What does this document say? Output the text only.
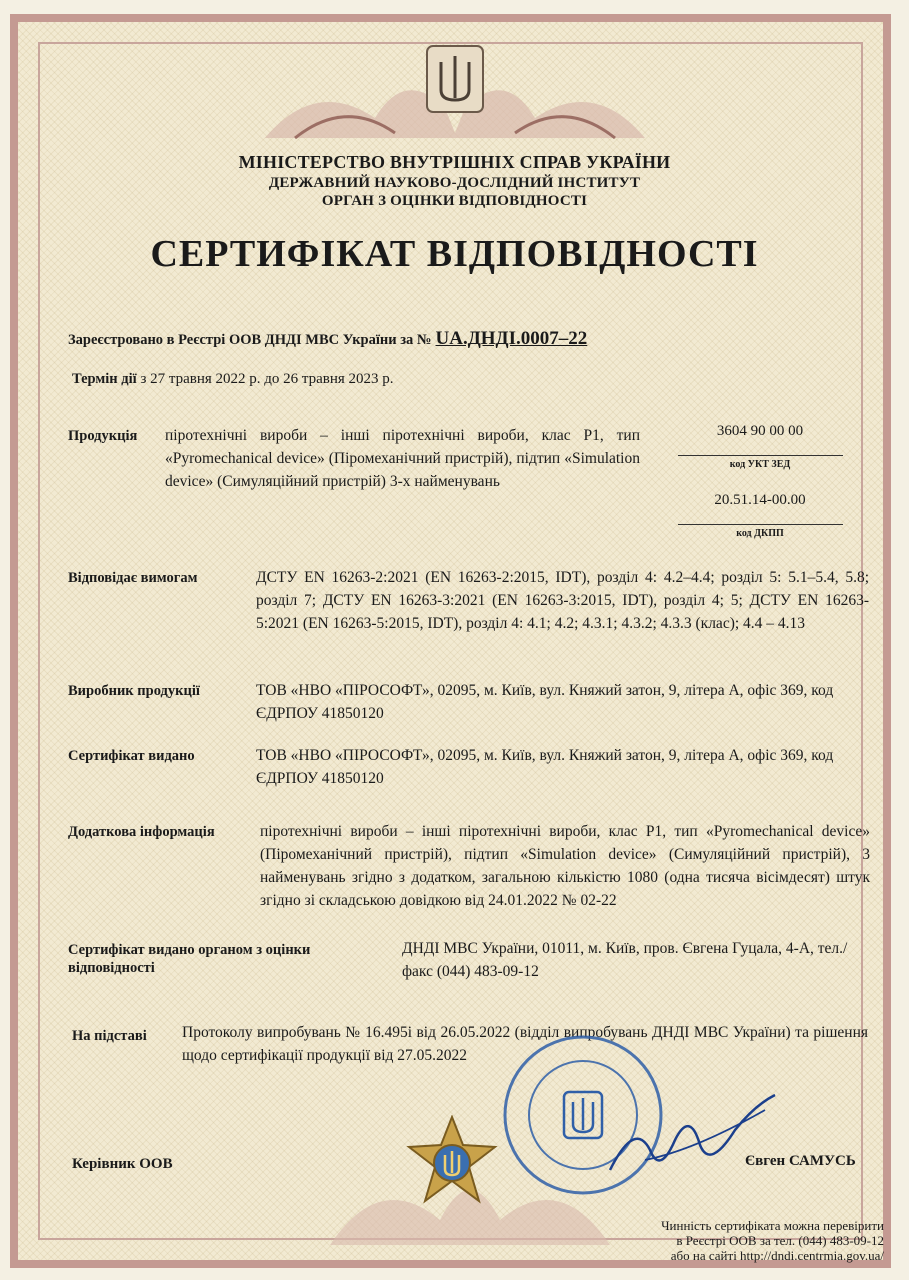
МІНІСТЕРСТВО ВНУТРІШНІХ СПРАВ УКРАЇНИ
ДЕРЖАВНИЙ НАУКОВО-ДОСЛІДНИЙ ІНСТИТУТ
ОРГАН З ОЦІНКИ ВІДПОВІДНОСТІ
СЕРТИФІКАТ ВІДПОВІДНОСТІ
Зареєстровано в Реєстрі ООВ ДНДІ МВС України за № UA.ДНДІ.0007–22
Термін дії з 27 травня 2022 р. до 26 травня 2023 р.
Продукція піротехнічні вироби – інші піротехнічні вироби, клас P1, тип «Pyromechanical device» (Піромеханічний пристрій), підтип «Simulation device» (Симуляційний пристрій) 3-х найменувань
3604 90 00 00
код УКТ ЗЕД
20.51.14-00.00
код ДКПП
Відповідає вимогам	ДСТУ EN 16263-2:2021 (EN 16263-2:2015, IDT), розділ 4: 4.2–4.4; розділ 5: 5.1–5.4, 5.8; розділ 7; ДСТУ EN 16263-3:2021 (EN 16263-3:2015, IDT), розділ 4; 5; ДСТУ EN 16263-5:2021 (EN 16263-5:2015, IDT), розділ 4: 4.1; 4.2; 4.3.1; 4.3.2; 4.3.3 (клас); 4.4 – 4.13
Виробник продукції	ТОВ «НВО «ПІРОСОФТ», 02095, м. Київ, вул. Княжий затон, 9, літера А, офіс 369, код ЄДРПОУ 41850120
Сертифікат видано	ТОВ «НВО «ПІРОСОФТ», 02095, м. Київ, вул. Княжий затон, 9, літера А, офіс 369, код ЄДРПОУ 41850120
Додаткова інформація	піротехнічні вироби – інші піротехнічні вироби, клас P1, тип «Pyromechanical device» (Піромеханічний пристрій), підтип «Simulation device» (Симуляційний пристрій), 3 найменувань згідно з додатком, загальною кількістю 1080 (одна тисяча вісімдесят) штук згідно зі складською довідкою від 24.01.2022 № 02-22
Сертифікат видано органом з оцінки
відповідності
ДНДІ МВС України, 01011, м. Київ, пров. Євгена Гуцала, 4-А, тел./факс (044) 483-09-12
На підставі Протоколу випробувань № 16.495і від 26.05.2022 (відділ випробувань ДНДІ МВС України) та рішення щодо сертифікації продукції від 27.05.2022
Керівник ООВ	Євген САМУСЬ
Чинність сертифіката можна перевірити
в Реєстрі ООВ за тел. (044) 483-09-12
або на сайті http://dndi.centrmia.gov.ua/
